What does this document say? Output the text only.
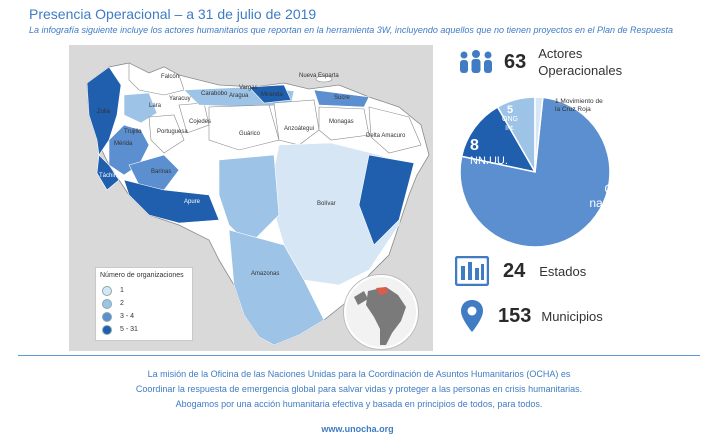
Presencia Operacional – a 31 de julio de 2019
La infografía siguiente incluye los actores humanitarios que reportan en la herramienta 3W, incluyendo aquellos que no tienen proyectos en el Plan de Respuesta
Falcón	Nueva Esparta
Lara
Aragua Miranda	Sucre
Yaracuy
Carabobo
Vargas
Zulia
Trujillo
Cojedes
Anzoátegui
Monagas
Portuguesa	Guárico
Mérida
Barinas
Delta Amacuro
Táchira
Apure	Bolívar
Amazonas
Número de organizaciones
1
2
3 - 4
5 - 31
63 Actores
Operacionales
1 Movimiento de la Cruz Roja
46
ONG
nacionales
8
NN.UU.
5
ONG
Int.
24 Estados
153 Municipios
La misión de la Oficina de las Naciones Unidas para la Coordinación de Asuntos Humanitarios (OCHA) es
Coordinar la respuesta de emergencia global para salvar vidas y proteger a las personas en crisis humanitarias.
Abogamos por una acción humanitaria efectiva y basada en principios de todos, para todos.
www.unocha.org
